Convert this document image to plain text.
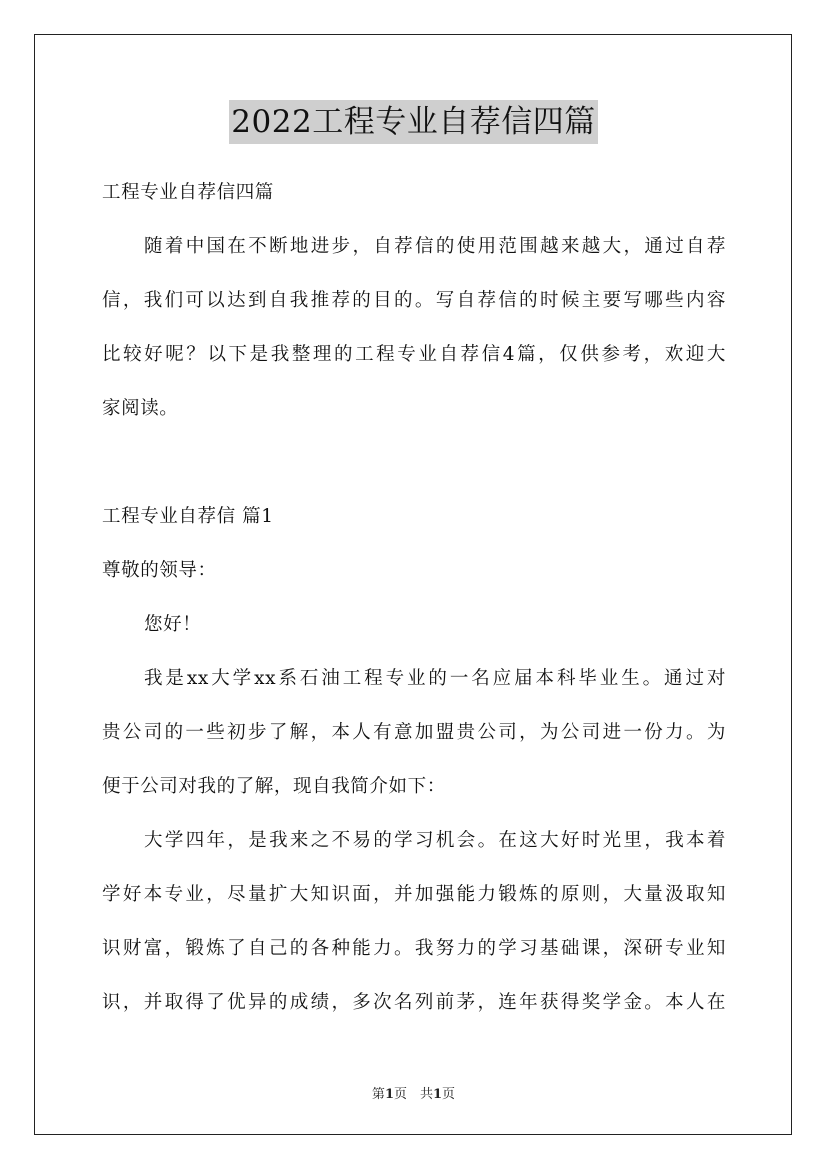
2022工程专业自荐信四篇
工程专业自荐信四篇
随着中国在不断地进步，自荐信的使用范围越来越大，通过自荐
信，我们可以达到自我推荐的目的。写自荐信的时候主要写哪些内容
比较好呢？以下是我整理的工程专业自荐信4篇，仅供参考，欢迎大
家阅读。
工程专业自荐信 篇1
尊敬的领导：
您好！
我是xx大学xx系石油工程专业的一名应届本科毕业生。通过对
贵公司的一些初步了解，本人有意加盟贵公司，为公司进一份力。为
便于公司对我的了解，现自我简介如下：
大学四年，是我来之不易的学习机会。在这大好时光里，我本着
学好本专业，尽量扩大知识面，并加强能力锻炼的原则，大量汲取知
识财富，锻炼了自己的各种能力。我努力的学习基础课，深研专业知
识，并取得了优异的成绩，多次名列前茅，连年获得奖学金。本人在
第1页　共1页
